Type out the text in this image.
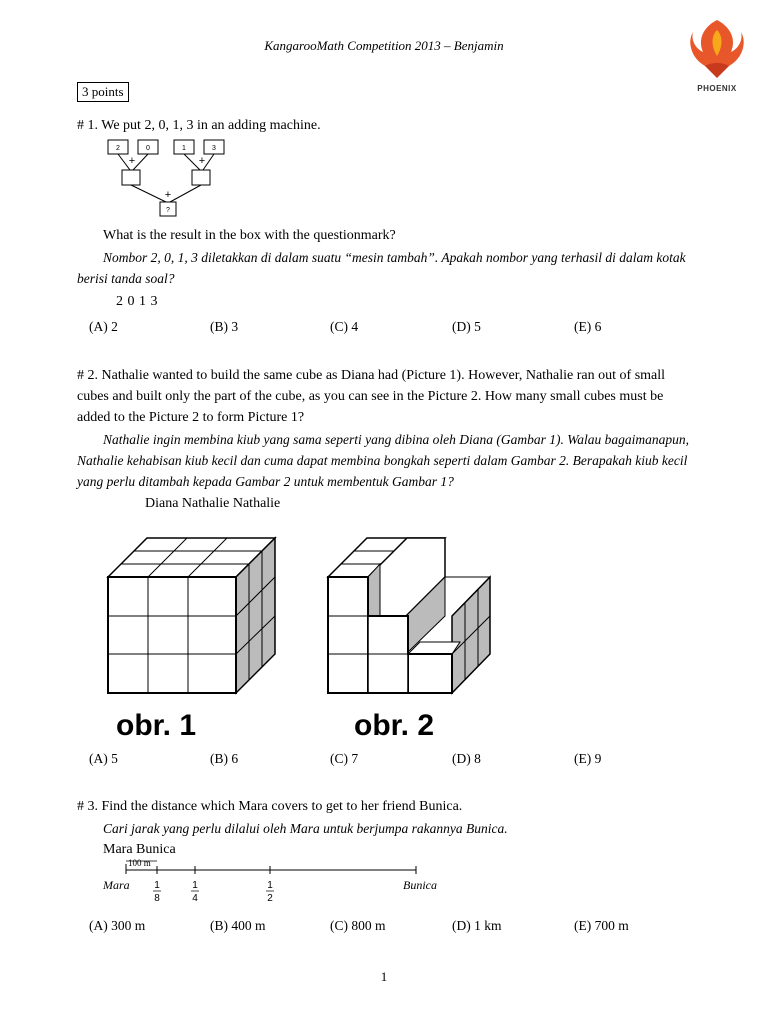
KangarooMath Competition 2013 – Benjamin
PHOENIX
3 points
# 1. We put 2, 0, 1, 3 in an adding machine.
2	0	1	3
?
+	+
+
What is the result in the box with the questionmark?
Nombor 2, 0, 1, 3 diletakkan di dalam suatu “mesin tambah”. Apakah nombor yang terhasil di dalam kotak berisi tanda soal?
2 0 1 3
(A) 2	(B) 3	(C) 4	(D) 5	(E) 6
# 2. Nathalie wanted to build the same cube as Diana had (Picture 1). However, Nathalie ran out of small cubes and built only the part of the cube, as you can see in the Picture 2. How many small cubes must be added to the Picture 2 to form Picture 1?
Nathalie ingin membina kiub yang sama seperti yang dibina oleh Diana (Gambar 1). Walau bagaimanapun, Nathalie kehabisan kiub kecil dan cuma dapat membina bongkah seperti dalam Gambar 2. Berapakah kiub kecil yang perlu ditambah kepada Gambar 2 untuk membentuk Gambar 1?
Diana Nathalie Nathalie
obr. 1	obr. 2
(A) 5	(B) 6	(C) 7	(D) 8	(E) 9
# 3. Find the distance which Mara covers to get to her friend Bunica.
Cari jarak yang perlu dilalui oleh Mara untuk berjumpa rakannya Bunica.
Mara Bunica
100 m
Mara	Bunica
1
8
1
4
1
2
(A) 300 m	(B) 400 m	(C) 800 m	(D) 1 km	(E) 700 m
1
